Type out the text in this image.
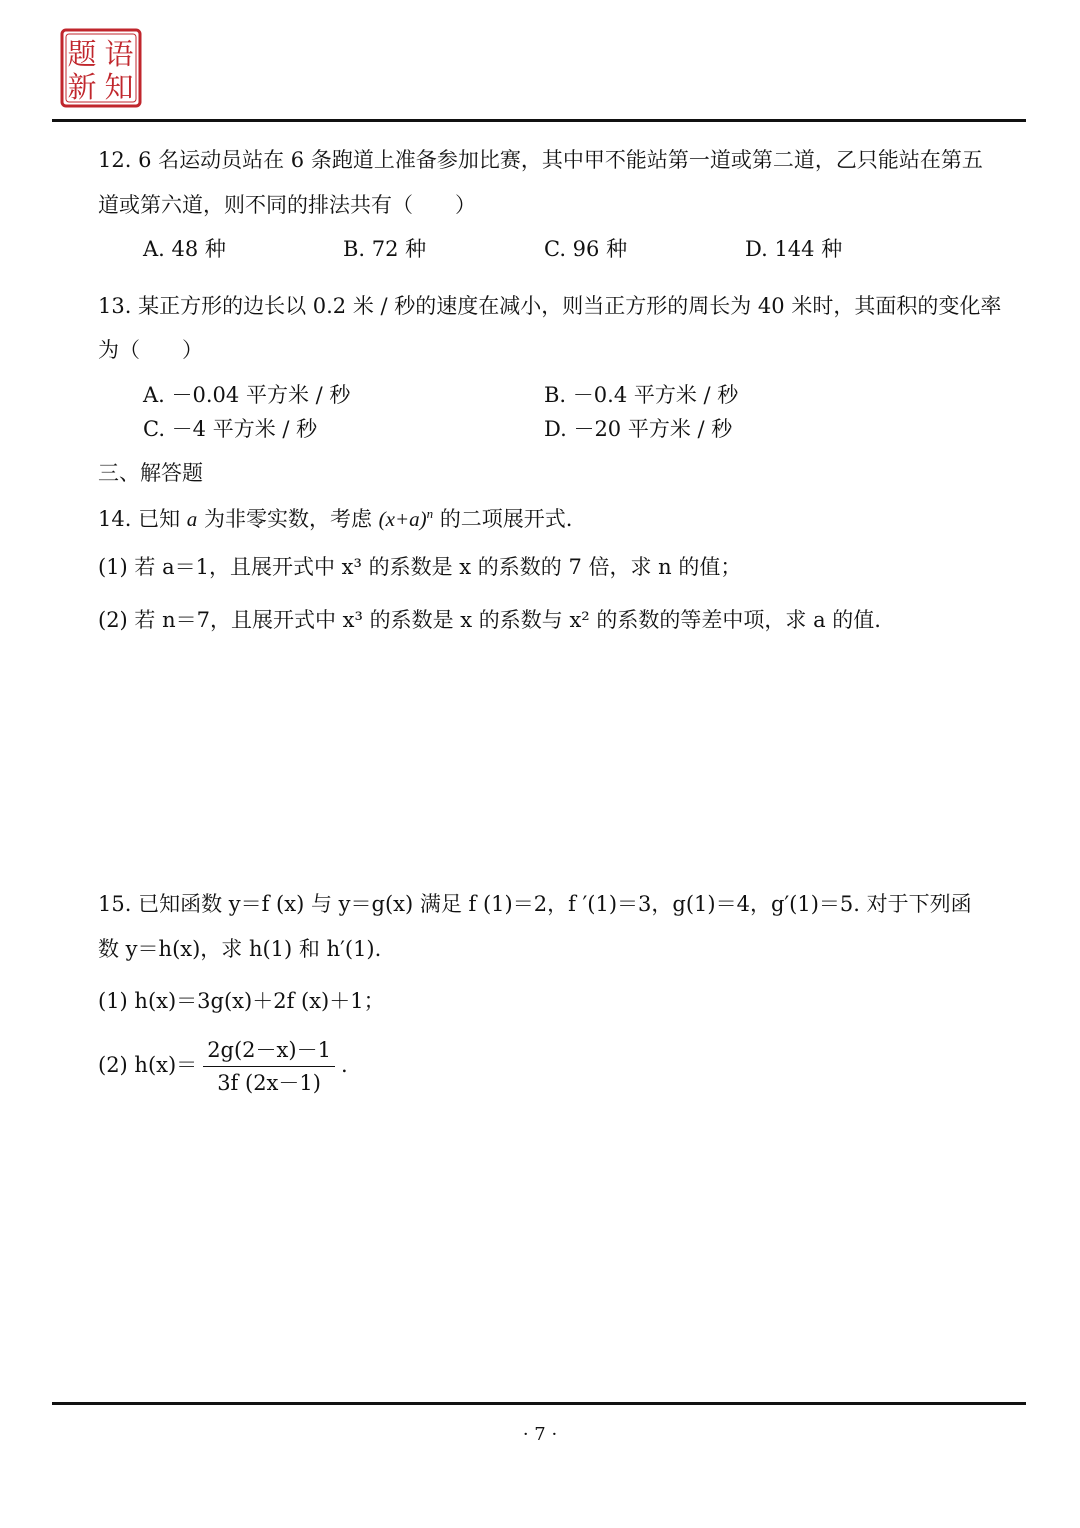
题 语
新 知
12. 6 名运动员站在 6 条跑道上准备参加比赛，其中甲不能站第一道或第二道，乙只能站在第五
道或第六道，则不同的排法共有（　　）
A. 48 种	B. 72 种	C. 96 种	D. 144 种
13. 某正方形的边长以 0.2 米 / 秒的速度在减小，则当正方形的周长为 40 米时，其面积的变化率
为（　　）
A. －0.04 平方米 / 秒	B. －0.4 平方米 / 秒
C. －4 平方米 / 秒	D. －20 平方米 / 秒
三、解答题
14. 已知 a 为非零实数，考虑 $(x+a)^n$ 的二项展开式.
(1) 若 a＝1，且展开式中 x³ 的系数是 x 的系数的 7 倍，求 n 的值；
(2) 若 n＝7，且展开式中 x³ 的系数是 x 的系数与 x² 的系数的等差中项，求 a 的值.
15. 已知函数 y＝f (x) 与 y＝g(x) 满足 f (1)＝2，f ′(1)＝3，g(1)＝4，g′(1)＝5. 对于下列函
数 y＝h(x)，求 h(1) 和 h′(1).
(1) h(x)＝3g(x)＋2f (x)＋1；
(2) $h(x)= \frac{2g(2-x)-1}{3f (2x-1)}$ .
· 7 ·
